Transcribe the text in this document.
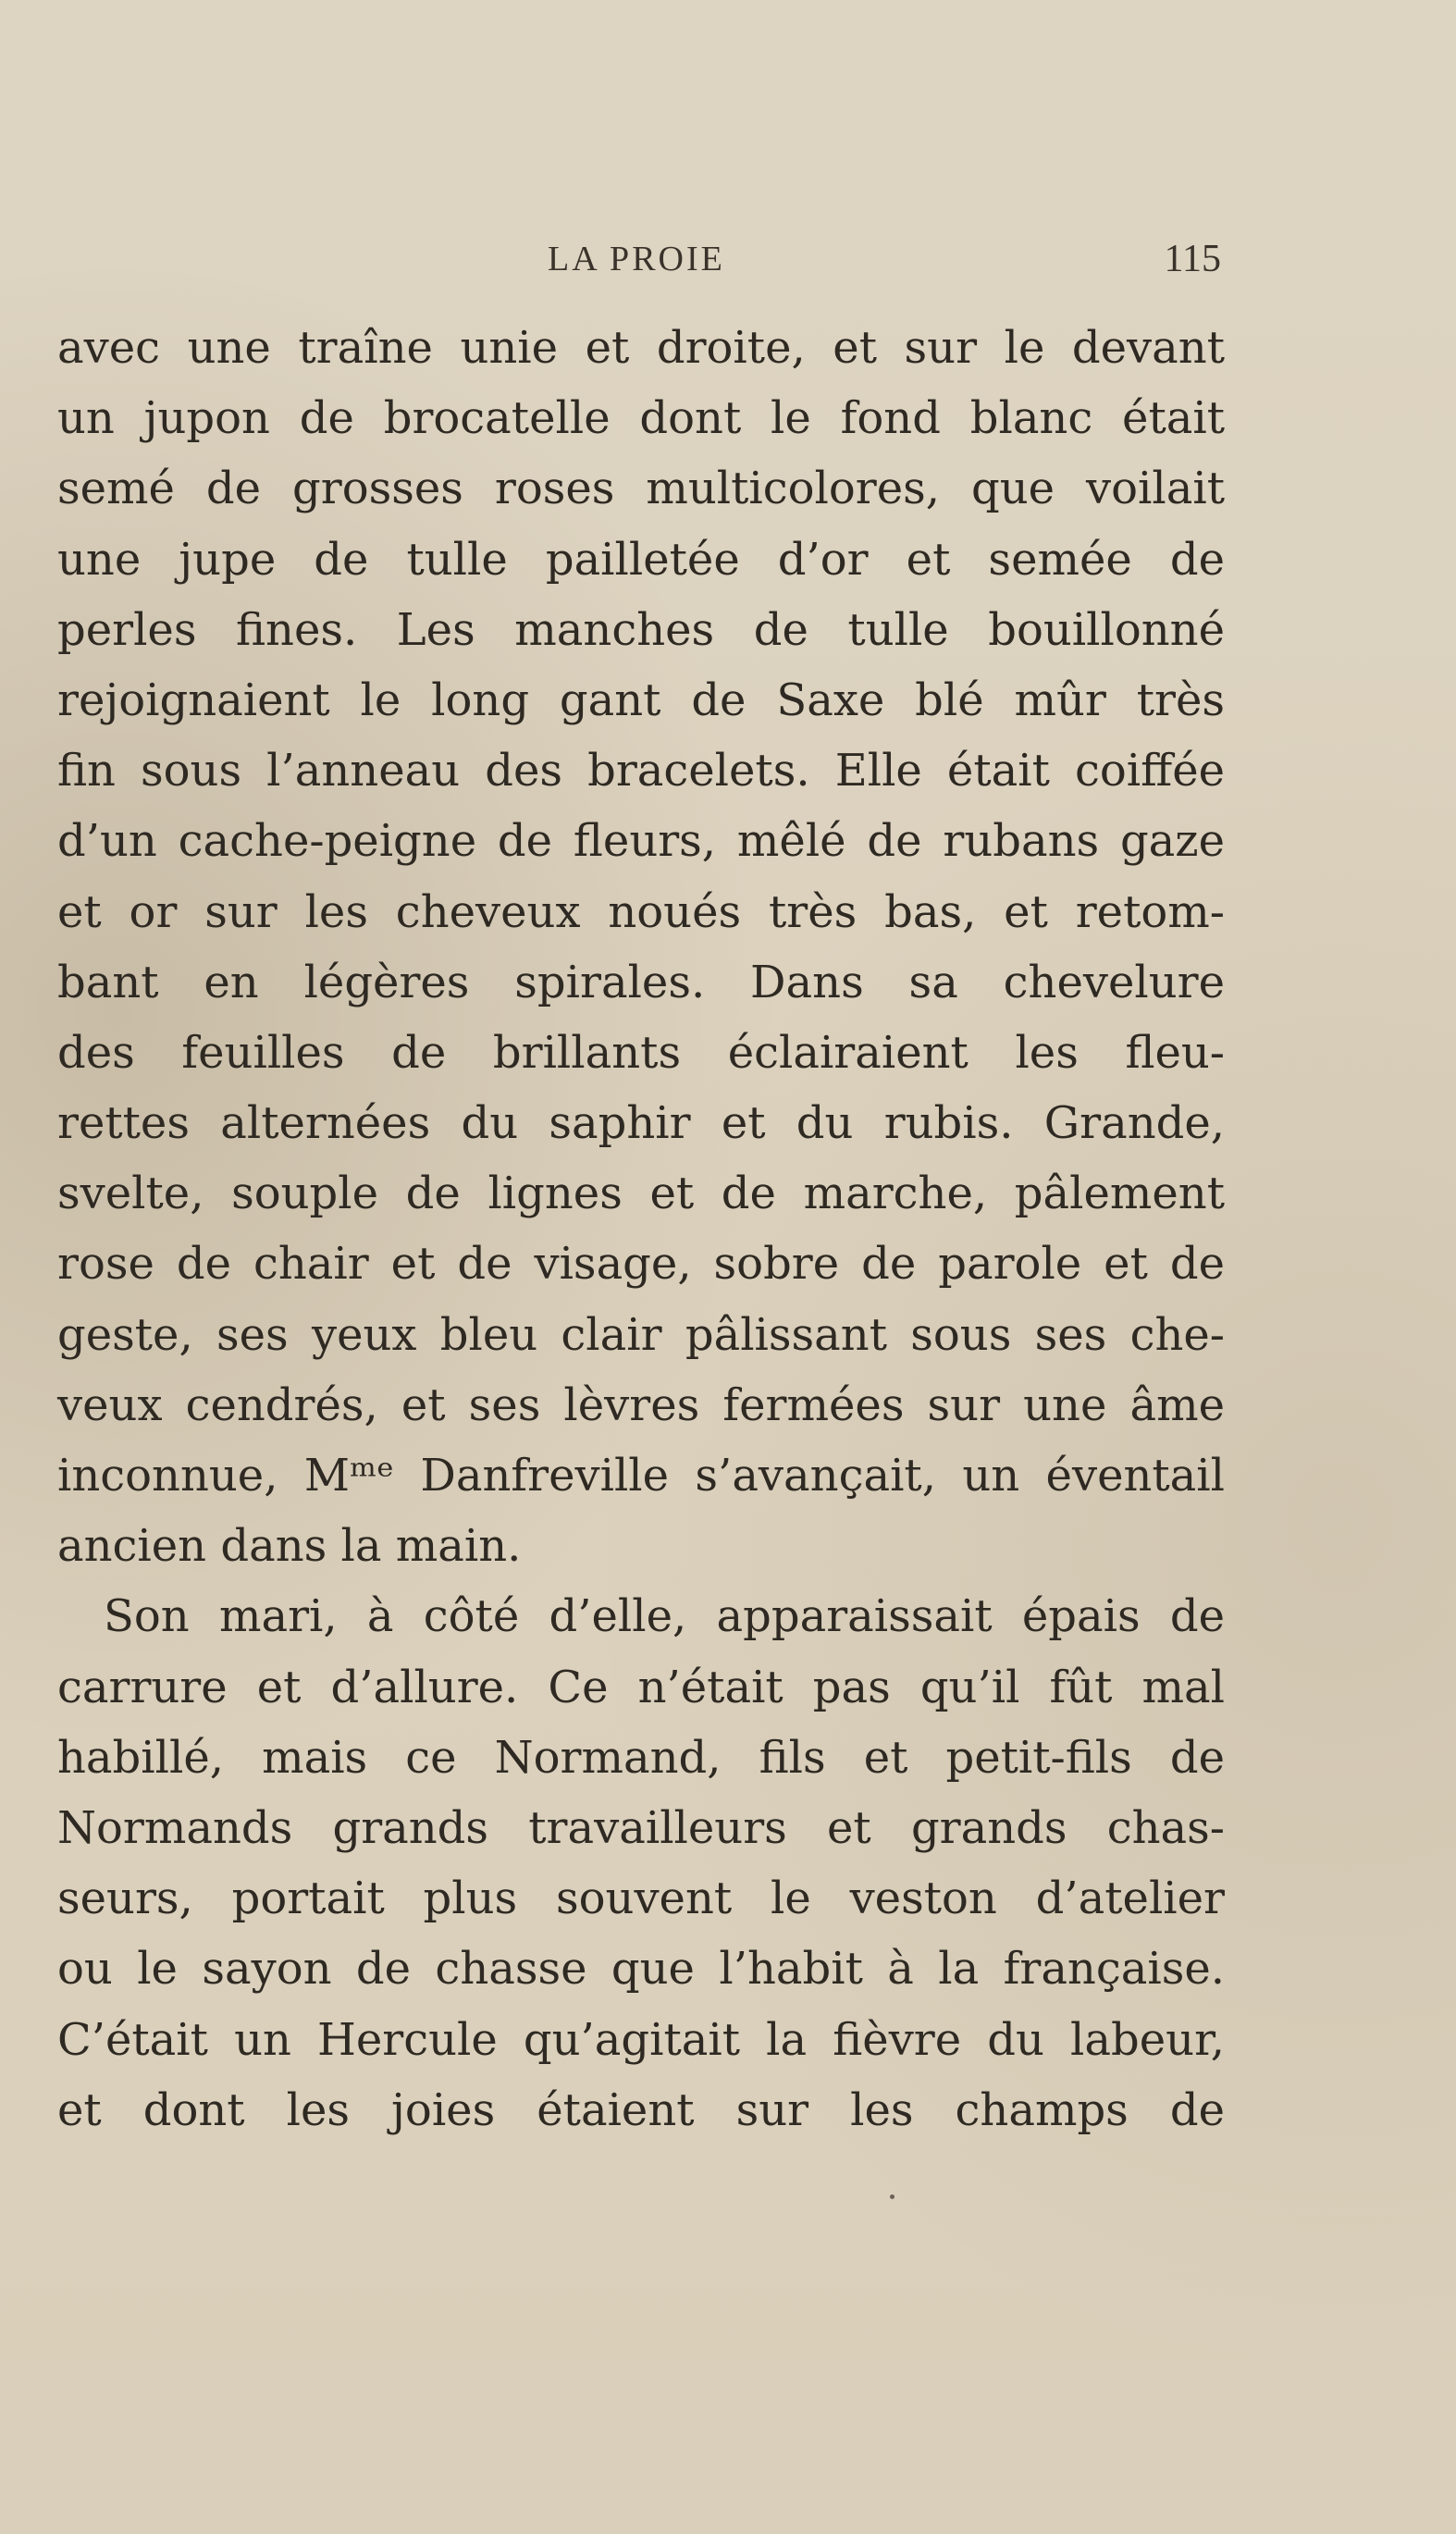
LA PROIE	115
avec une traîne unie et droite, et sur le devant
un jupon de brocatelle dont le fond blanc était
semé de grosses roses multicolores, que voilait
une jupe de tulle pailletée d’or et semée de
perles fines. Les manches de tulle bouillonné
rejoignaient le long gant de Saxe blé mûr très
fin sous l’anneau des bracelets. Elle était coiffée
d’un cache-peigne de fleurs, mêlé de rubans gaze
et or sur les cheveux noués très bas, et retom-
bant en légères spirales. Dans sa chevelure
des feuilles de brillants éclairaient les fleu-
rettes alternées du saphir et du rubis. Grande,
svelte, souple de lignes et de marche, pâlement
rose de chair et de visage, sobre de parole et de
geste, ses yeux bleu clair pâlissant sous ses che-
veux cendrés, et ses lèvres fermées sur une âme
inconnue, Mᵐᵉ Danfreville s’avançait, un éventail
ancien dans la main.
Son mari, à côté d’elle, apparaissait épais de
carrure et d’allure. Ce n’était pas qu’il fût mal
habillé, mais ce Normand, fils et petit-fils de
Normands grands travailleurs et grands chas-
seurs, portait plus souvent le veston d’atelier
ou le sayon de chasse que l’habit à la française.
C’était un Hercule qu’agitait la fièvre du labeur,
et dont les joies étaient sur les champs de
